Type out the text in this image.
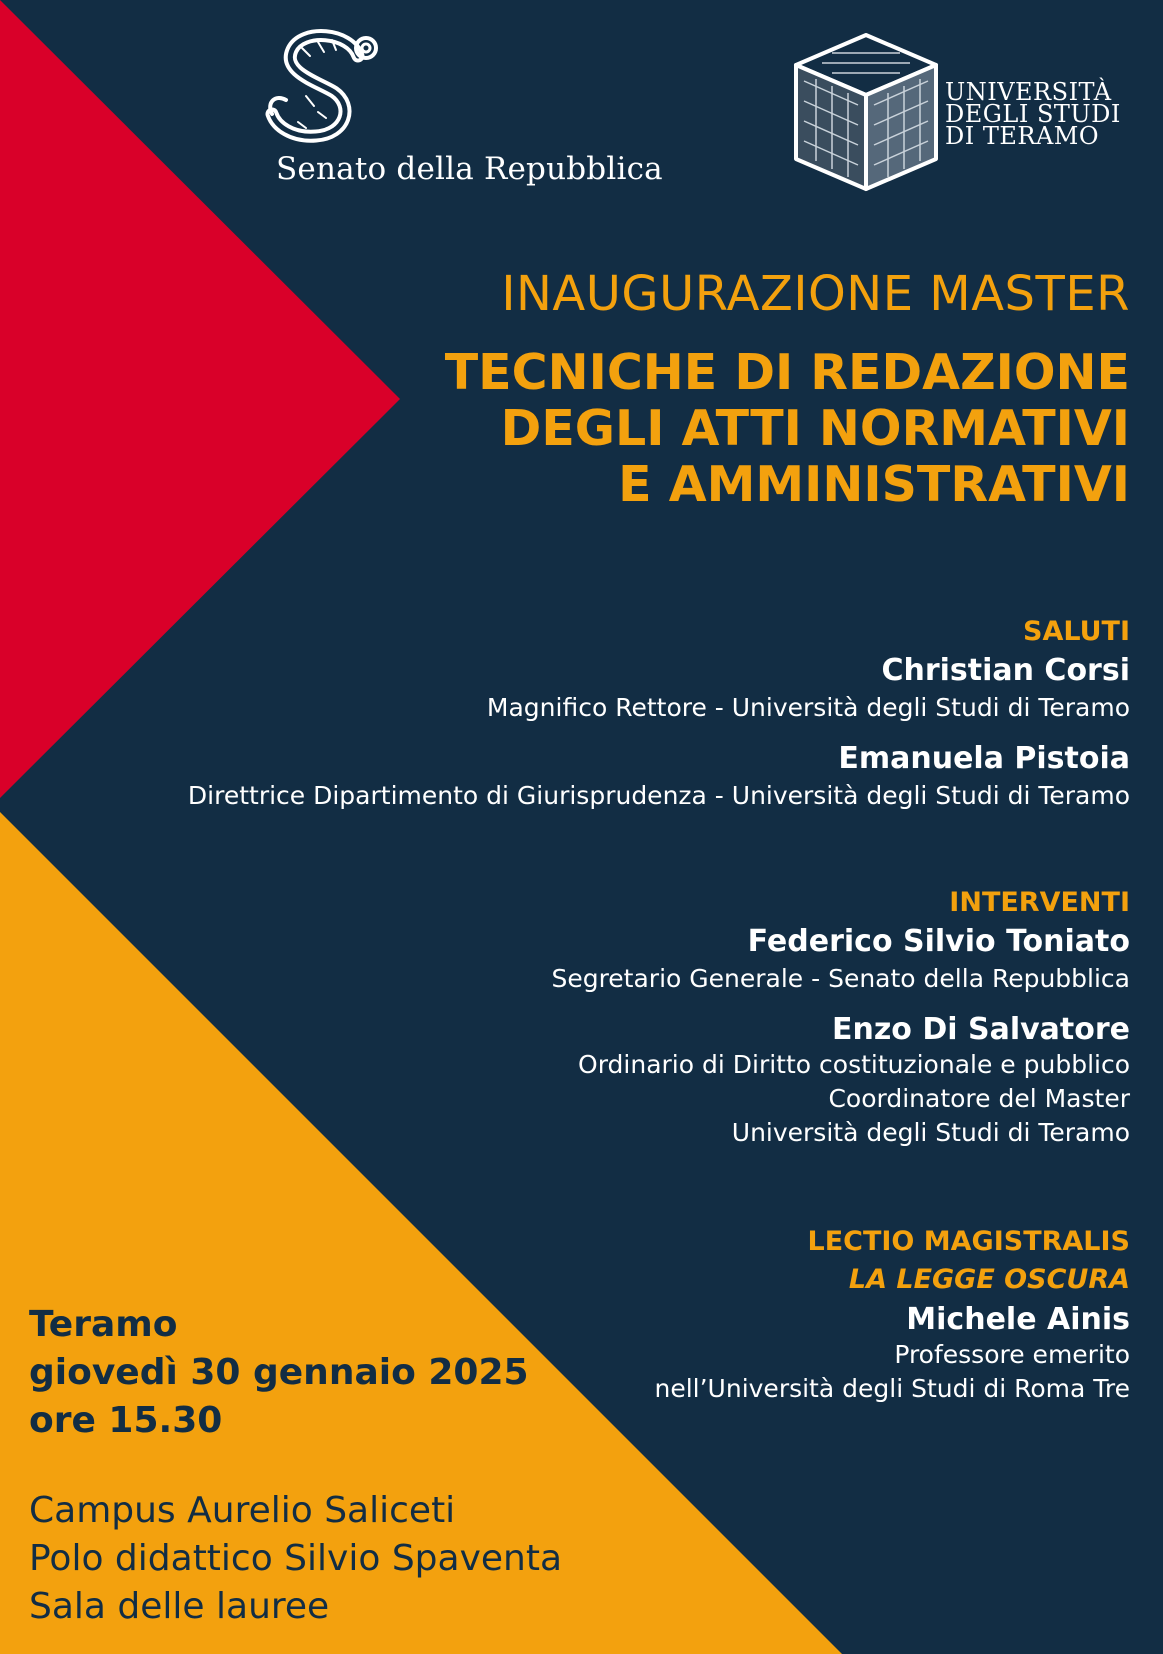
Senato della Repubblica
UNIVERSITÀ
DEGLI STUDI
DI TERAMO
INAUGURAZIONE MASTER
TECNICHE DI REDAZIONE
DEGLI ATTI NORMATIVI
E AMMINISTRATIVI
SALUTI
Christian Corsi
Magnifico Rettore - Università degli Studi di Teramo
Emanuela Pistoia
Direttrice Dipartimento di Giurisprudenza - Università degli Studi di Teramo
INTERVENTI
Federico Silvio Toniato
Segretario Generale - Senato della Repubblica
Enzo Di Salvatore
Ordinario di Diritto costituzionale e pubblico
Coordinatore del Master
Università degli Studi di Teramo
LECTIO MAGISTRALIS
LA LEGGE OSCURA
Michele Ainis
Professore emerito
nell’Università degli Studi di Roma Tre
Teramo
giovedì 30 gennaio 2025
ore 15.30
Campus Aurelio Saliceti
Polo didattico Silvio Spaventa
Sala delle lauree
